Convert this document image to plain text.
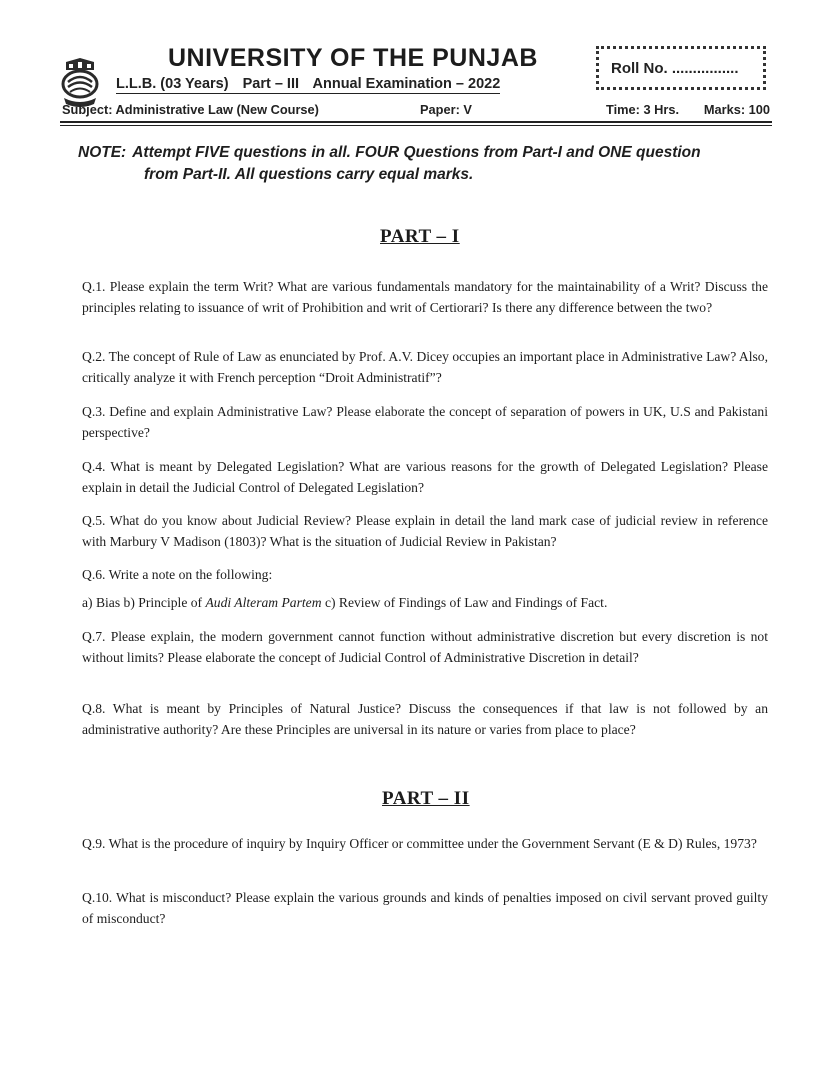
UNIVERSITY OF THE PUNJAB
L.L.B. (03 Years) Part – III Annual Examination – 2022
Roll No. ................
Subject: Administrative Law (New Course)	Paper: V	Time: 3 Hrs. Marks: 100
NOTE: Attempt FIVE questions in all. FOUR Questions from Part-I and ONE question
from Part-II. All questions carry equal marks.
PART – I

Q.1. Please explain the term Writ? What are various fundamentals mandatory for the maintainability of a Writ? Discuss the principles relating to issuance of writ of Prohibition and writ of Certiorari? Is there any difference between the two?

Q.2. The concept of Rule of Law as enunciated by Prof. A.V. Dicey occupies an important place in Administrative Law? Also, critically analyze it with French perception “Droit Administratif”?

Q.3. Define and explain Administrative Law? Please elaborate the concept of separation of powers in UK, U.S and Pakistani perspective?

Q.4. What is meant by Delegated Legislation? What are various reasons for the growth of Delegated Legislation? Please explain in detail the Judicial Control of Delegated Legislation?

Q.5. What do you know about Judicial Review? Please explain in detail the land mark case of judicial review in reference with Marbury V Madison (1803)? What is the situation of Judicial Review in Pakistan?

Q.6. Write a note on the following:

a) Bias b) Principle of Audi Alteram Partem c) Review of Findings of Law and Findings of Fact.

Q.7. Please explain, the modern government cannot function without administrative discretion but every discretion is not without limits? Please elaborate the concept of Judicial Control of Administrative Discretion in detail?

Q.8. What is meant by Principles of Natural Justice? Discuss the consequences if that law is not followed by an administrative authority? Are these Principles are universal in its nature or varies from place to place?

PART – II

Q.9. What is the procedure of inquiry by Inquiry Officer or committee under the Government Servant (E & D) Rules, 1973?

Q.10. What is misconduct? Please explain the various grounds and kinds of penalties imposed on civil servant proved guilty of misconduct?
